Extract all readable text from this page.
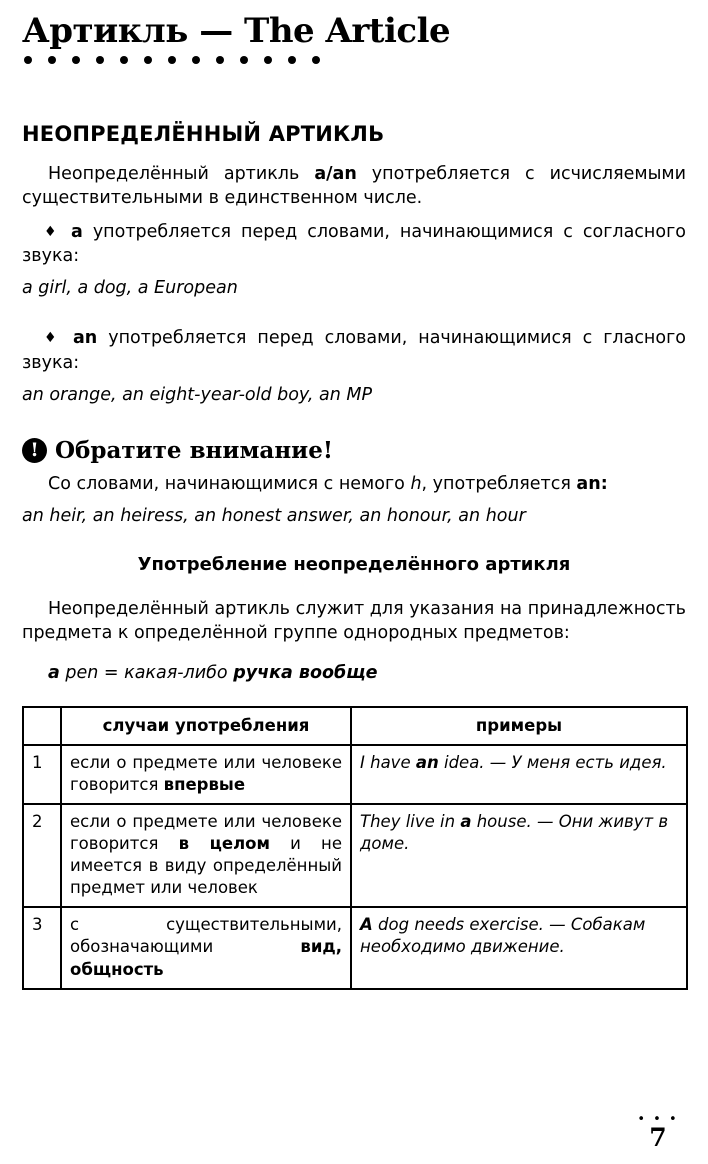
Артикль — The Article
НЕОПРЕДЕЛЁННЫЙ АРТИКЛЬ

Неопределённый артикль a/an употребляется с исчисляемыми существительными в единственном числе.

♦ a употребляется перед словами, начинающимися с согласного звука:

a girl, a dog, a European

♦ an употребляется перед словами, начинающимися с гласного звука:

an orange, an eight-year-old boy, an MP

! Обратите внимание!

Со словами, начинающимися с немого h, употребляется an:

an heir, an heiress, an honest answer, an honour, an hour

Употребление неопределённого артикля

Неопределённый артикль служит для указания на принадлежность предмета к определённой группе однородных предметов:

a pen = какая-либо ручка вообще

	случаи употребления	примеры
1	если о предмете или человеке говорится впервые	I have an idea. — У меня есть идея.
2	если о предмете или человеке говорится в целом и не имеется в виду определённый предмет или человек	They live in a house. — Они живут в доме.
3	с существительными, обозначающими вид, общность	A dog needs exercise. — Собакам необходимо движение.
• • •
7
